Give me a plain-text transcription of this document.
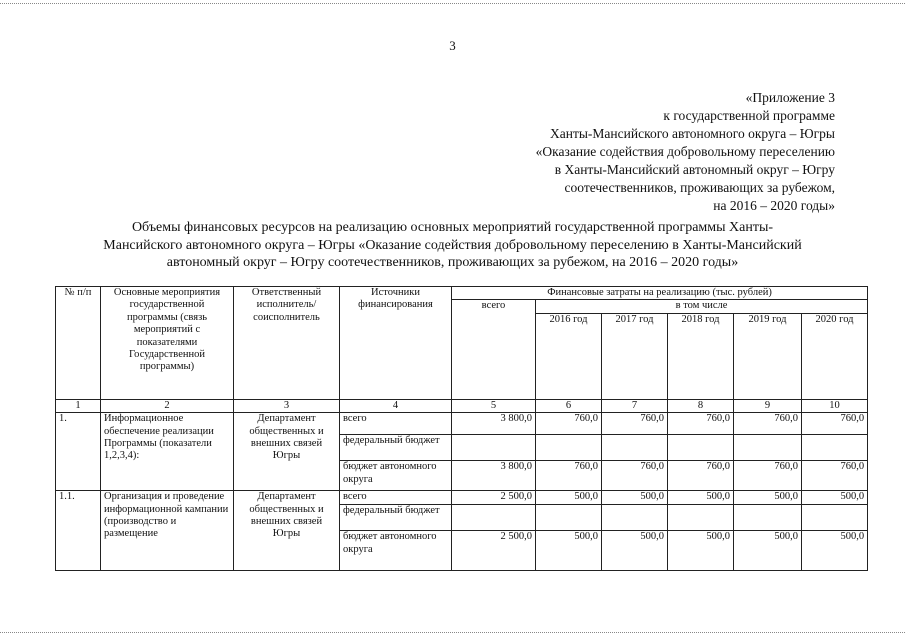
3
«Приложение 3
к государственной программе
Ханты-Мансийского автономного округа – Югры
«Оказание содействия добровольному переселению
в Ханты-Мансийский автономный округ – Югру
соотечественников, проживающих за рубежом,
на 2016 – 2020 годы»
Объемы финансовых ресурсов на реализацию основных мероприятий государственной программы Ханты-
Мансийского автономного округа – Югры «Оказание содействия добровольному переселению в Ханты-Мансийский
автономный округ – Югру соотечественников, проживающих за рубежом, на 2016 – 2020 годы»
№ п/п	Основные мероприятия государственной программы (связь мероприятий с показателями Государственной программы)	Ответственный исполнитель/ соисполнитель	Источники финансирования	Финансовые затраты на реализацию (тыс. рублей)					
				всего	в том числе				
					2016 год	2017 год	2018 год	2019 год	2020 год
1	2	3	4	5	6	7	8	9	10
1.	Информационное обеспечение реализации Программы (показатели 1,2,3,4):	Департамент общественных и внешних связей Югры	всего	3 800,0	760,0	760,0	760,0	760,0	760,0
			федеральный бюджет						
			бюджет автономного округа	3 800,0	760,0	760,0	760,0	760,0	760,0
1.1.	Организация и проведение информационной кампании (производство и размещение	Департамент общественных и внешних связей Югры	всего	2 500,0	500,0	500,0	500,0	500,0	500,0
			федеральный бюджет						
			бюджет автономного округа	2 500,0	500,0	500,0	500,0	500,0	500,0
